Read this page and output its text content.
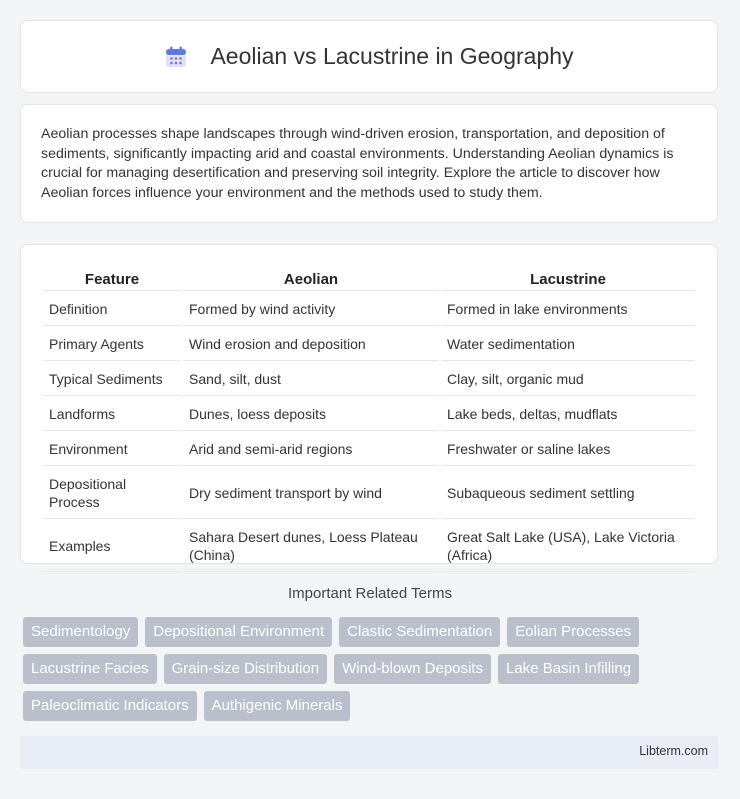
Aeolian vs Lacustrine in Geography

Aeolian processes shape landscapes through wind-driven erosion, transportation, and deposition of sediments, significantly impacting arid and coastal environments. Understanding Aeolian dynamics is crucial for managing desertification and preserving soil integrity. Explore the article to discover how Aeolian forces influence your environment and the methods used to study them.

Feature	Aeolian	Lacustrine
Definition	Formed by wind activity	Formed in lake environments
Primary Agents	Wind erosion and deposition	Water sedimentation
Typical Sediments	Sand, silt, dust	Clay, silt, organic mud
Landforms	Dunes, loess deposits	Lake beds, deltas, mudflats
Environment	Arid and semi-arid regions	Freshwater or saline lakes
Depositional Process	Dry sediment transport by wind	Subaqueous sediment settling
Examples	Sahara Desert dunes, Loess Plateau (China)	Great Salt Lake (USA), Lake Victoria (Africa)
Important Related Terms
Sedimentology	Depositional Environment	Clastic Sedimentation	Eolian Processes
Lacustrine Facies	Grain-size Distribution	Wind-blown Deposits	Lake Basin Infilling
Paleoclimatic Indicators	Authigenic Minerals
Libterm.com
